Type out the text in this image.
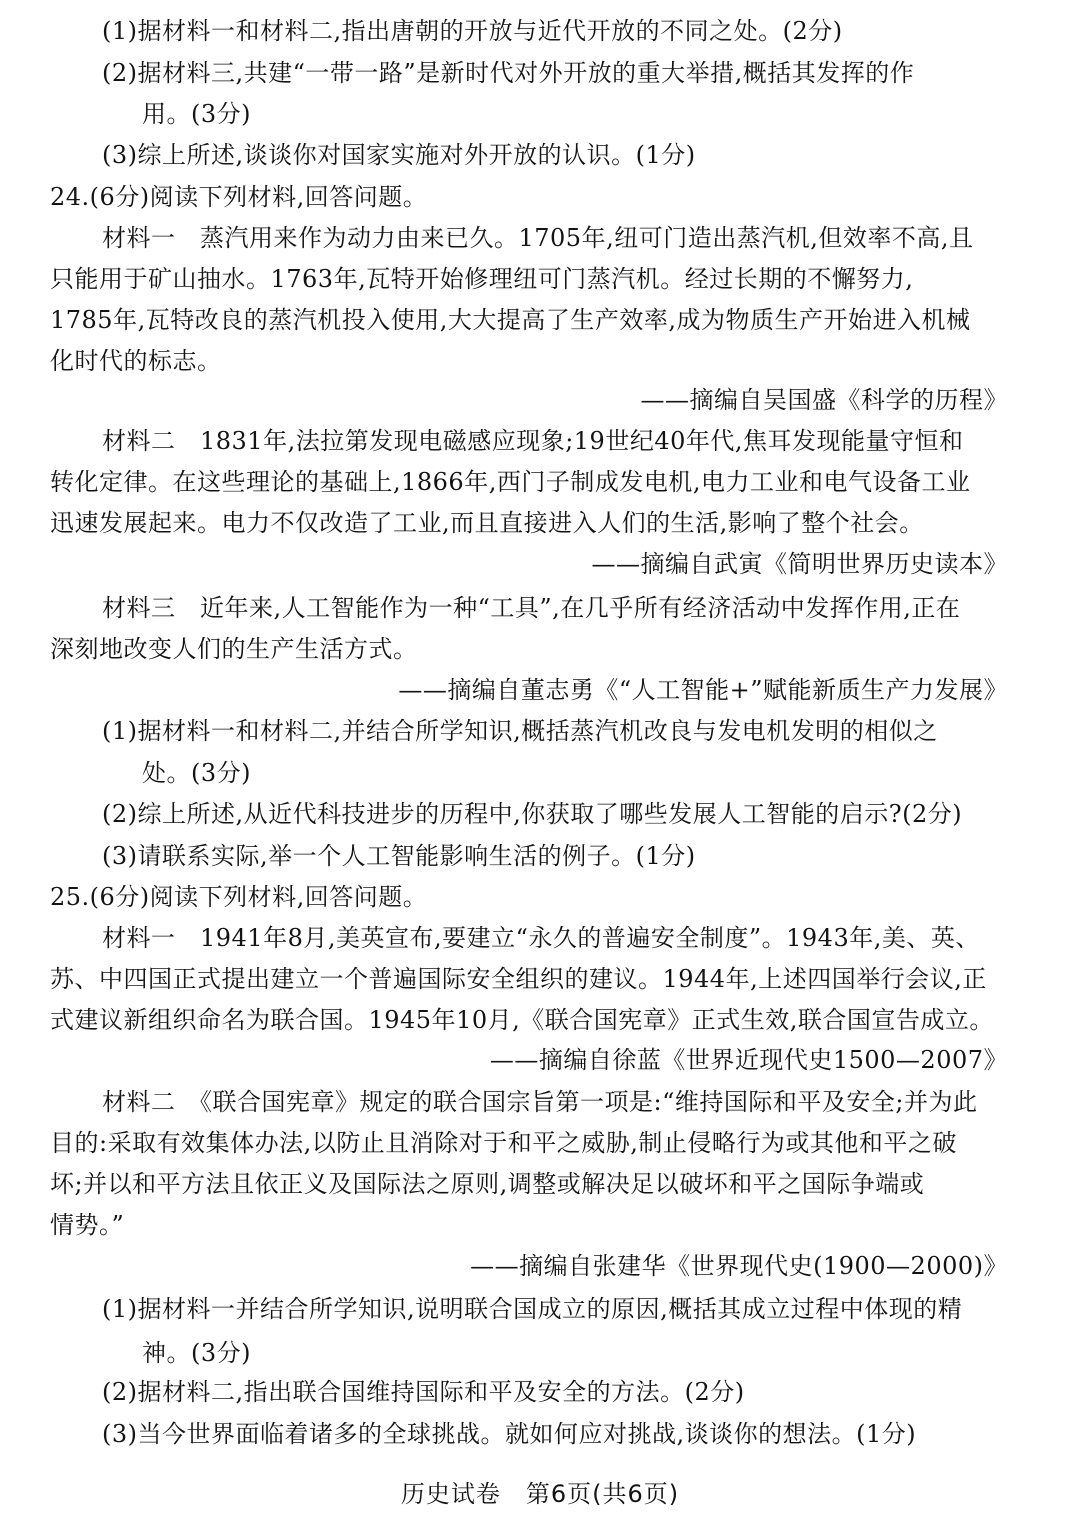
(1)据材料一和材料二,指出唐朝的开放与近代开放的不同之处。(2分)
(2)据材料三,共建“一带一路”是新时代对外开放的重大举措,概括其发挥的作
用。(3分)
(3)综上所述,谈谈你对国家实施对外开放的认识。(1分)
24.(6分)阅读下列材料,回答问题。
材料一　蒸汽用来作为动力由来已久。1705年,纽可门造出蒸汽机,但效率不高,且
只能用于矿山抽水。1763年,瓦特开始修理纽可门蒸汽机。经过长期的不懈努力,
1785年,瓦特改良的蒸汽机投入使用,大大提高了生产效率,成为物质生产开始进入机械
化时代的标志。
——摘编自吴国盛《科学的历程》
材料二　1831年,法拉第发现电磁感应现象;19世纪40年代,焦耳发现能量守恒和
转化定律。在这些理论的基础上,1866年,西门子制成发电机,电力工业和电气设备工业
迅速发展起来。电力不仅改造了工业,而且直接进入人们的生活,影响了整个社会。
——摘编自武寅《简明世界历史读本》
材料三　近年来,人工智能作为一种“工具”,在几乎所有经济活动中发挥作用,正在
深刻地改变人们的生产生活方式。
——摘编自董志勇《“人工智能+”赋能新质生产力发展》
(1)据材料一和材料二,并结合所学知识,概括蒸汽机改良与发电机发明的相似之
处。(3分)
(2)综上所述,从近代科技进步的历程中,你获取了哪些发展人工智能的启示?(2分)
(3)请联系实际,举一个人工智能影响生活的例子。(1分)
25.(6分)阅读下列材料,回答问题。
材料一　1941年8月,美英宣布,要建立“永久的普遍安全制度”。1943年,美、英、
苏、中四国正式提出建立一个普遍国际安全组织的建议。1944年,上述四国举行会议,正
式建议新组织命名为联合国。1945年10月,《联合国宪章》正式生效,联合国宣告成立。
——摘编自徐蓝《世界近现代史1500—2007》
材料二　《联合国宪章》规定的联合国宗旨第一项是:“维持国际和平及安全;并为此
目的:采取有效集体办法,以防止且消除对于和平之威胁,制止侵略行为或其他和平之破
坏;并以和平方法且依正义及国际法之原则,调整或解决足以破坏和平之国际争端或
情势。”
——摘编自张建华《世界现代史(1900—2000)》
(1)据材料一并结合所学知识,说明联合国成立的原因,概括其成立过程中体现的精
神。(3分)
(2)据材料二,指出联合国维持国际和平及安全的方法。(2分)
(3)当今世界面临着诸多的全球挑战。就如何应对挑战,谈谈你的想法。(1分)
历史试卷　第6页(共6页)
